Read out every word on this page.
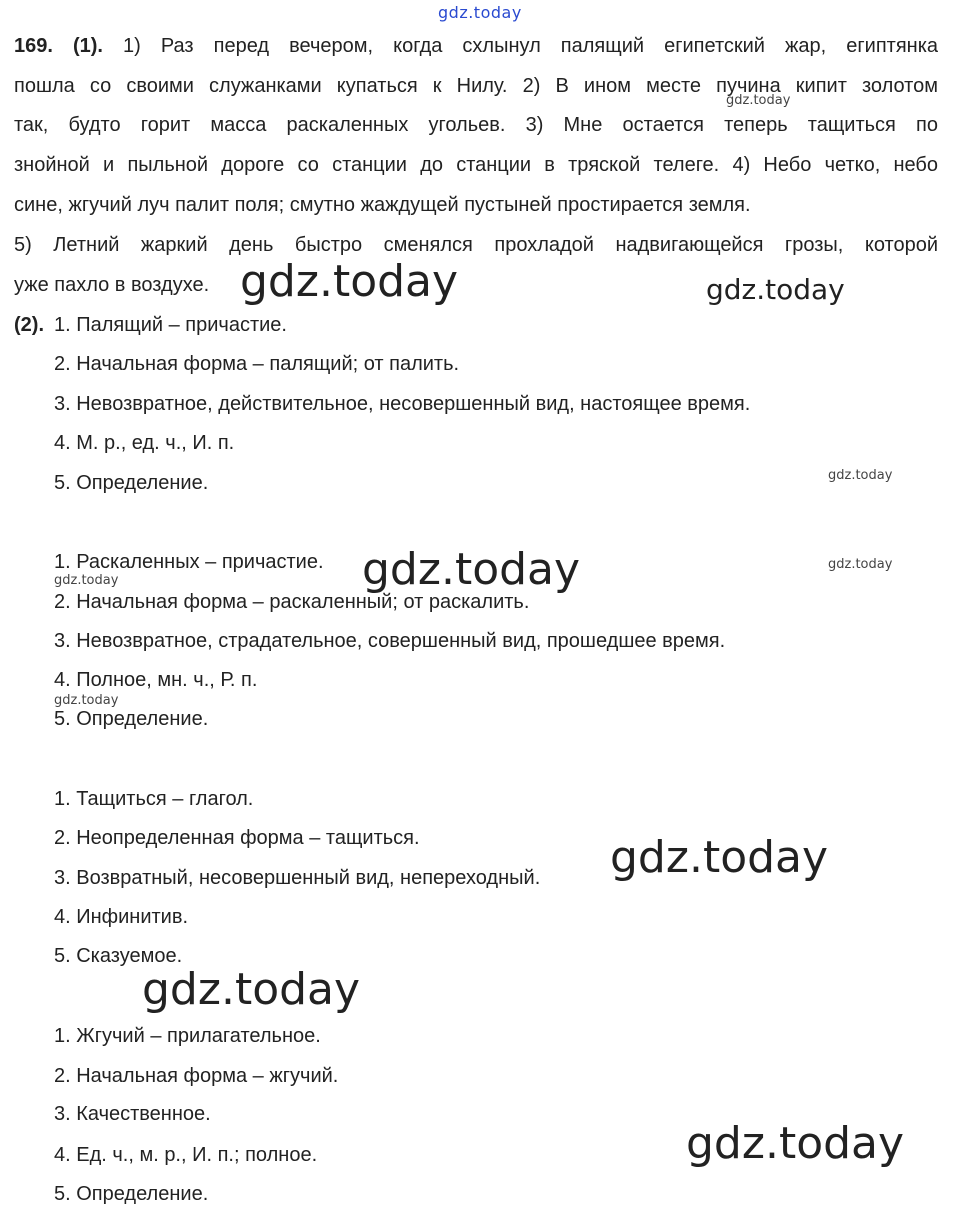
gdz.today
169. (1). 1) Раз перед вечером, когда схлынул палящий египетский жар, египтянка
пошла со своими служанками купаться к Нилу. 2) В ином месте пучина кипит золотом
так, будто горит масса раскаленных угольев. 3) Мне остается теперь тащиться по
знойной и пыльной дороге со станции до станции в тряской телеге. 4) Небо четко, небо
сине, жгучий луч палит поля; смутно жаждущей пустыней простирается земля.
5) Летний жаркий день быстро сменялся прохладой надвигающейся грозы, которой
уже пахло в воздухе.
(2). 1. Палящий – причастие.
2. Начальная форма – палящий; от палить.
3. Невозвратное, действительное, несовершенный вид, настоящее время.
4. М. р., ед. ч., И. п.
5. Определение.
1. Раскаленных – причастие.
2. Начальная форма – раскаленный; от раскалить.
3. Невозвратное, страдательное, совершенный вид, прошедшее время.
4. Полное, мн. ч., Р. п.
5. Определение.
1. Тащиться – глагол.
2. Неопределенная форма – тащиться.
3. Возвратный, несовершенный вид, непереходный.
4. Инфинитив.
5. Сказуемое.
1. Жгучий – прилагательное.
2. Начальная форма – жгучий.
3. Качественное.
4. Ед. ч., м. р., И. п.; полное.
5. Определение.
gdz.today
gdz.today	gdz.today
gdz.today
gdz.today	gdz.today
gdz.today
gdz.today
gdz.today
gdz.today
gdz.today
